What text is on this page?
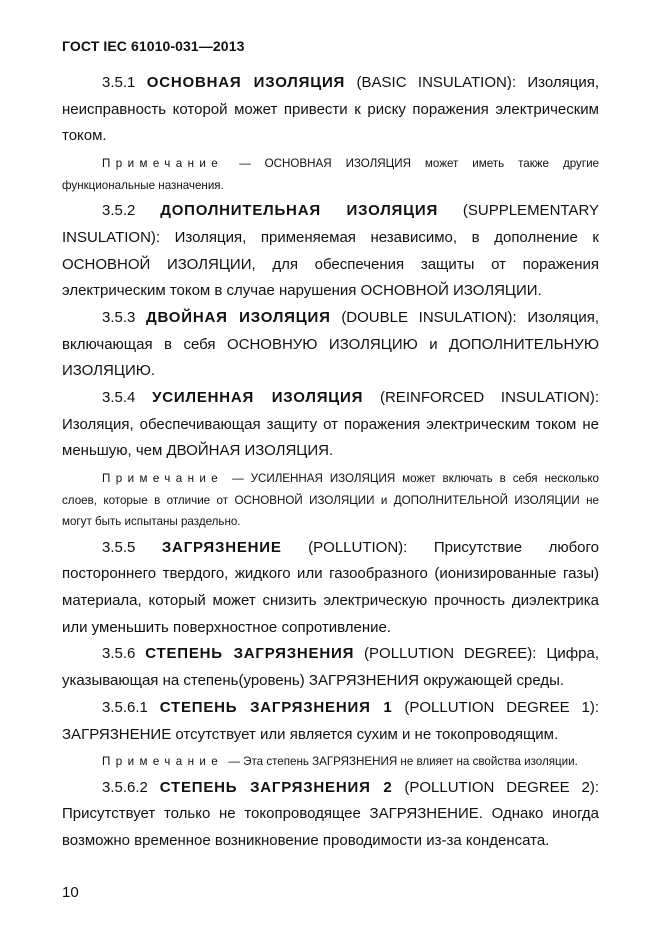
ГОСТ IEC 61010-031—2013

3.5.1 ОСНОВНАЯ ИЗОЛЯЦИЯ (BASIC INSULATION): Изоляция, неисправность которой может привести к риску поражения электрическим током.

Примечание — ОСНОВНАЯ ИЗОЛЯЦИЯ может иметь также другие функциональные назначения.

3.5.2 ДОПОЛНИТЕЛЬНАЯ ИЗОЛЯЦИЯ (SUPPLEMENTARY INSULATION): Изоляция, применяемая независимо, в дополнение к ОСНОВНОЙ ИЗОЛЯЦИИ, для обеспечения защиты от поражения электрическим током в случае нарушения ОСНОВНОЙ ИЗОЛЯЦИИ.

3.5.3 ДВОЙНАЯ ИЗОЛЯЦИЯ (DOUBLE INSULATION): Изоляция, включающая в себя ОСНОВНУЮ ИЗОЛЯЦИЮ и ДОПОЛНИТЕЛЬНУЮ ИЗОЛЯЦИЮ.

3.5.4 УСИЛЕННАЯ ИЗОЛЯЦИЯ (REINFORCED INSULATION): Изоляция, обеспечивающая защиту от поражения электрическим током не меньшую, чем ДВОЙНАЯ ИЗОЛЯЦИЯ.

Примечание — УСИЛЕННАЯ ИЗОЛЯЦИЯ может включать в себя несколько слоев, которые в отличие от ОСНОВНОЙ ИЗОЛЯЦИИ и ДОПОЛНИТЕЛЬНОЙ ИЗОЛЯЦИИ не могут быть испытаны раздельно.

3.5.5 ЗАГРЯЗНЕНИЕ (POLLUTION): Присутствие любого постороннего твердого, жидкого или газообразного (ионизированные газы) материала, который может снизить электрическую прочность диэлектрика или уменьшить поверхностное сопротивление.

3.5.6 СТЕПЕНЬ ЗАГРЯЗНЕНИЯ (POLLUTION DEGREE): Цифра, указывающая на степень(уровень) ЗАГРЯЗНЕНИЯ окружающей среды.

3.5.6.1 СТЕПЕНЬ ЗАГРЯЗНЕНИЯ 1 (POLLUTION DEGREE 1): ЗАГРЯЗНЕНИЕ отсутствует или является сухим и не токопроводящим.

Примечание — Эта степень ЗАГРЯЗНЕНИЯ не влияет на свойства изоляции.

3.5.6.2 СТЕПЕНЬ ЗАГРЯЗНЕНИЯ 2 (POLLUTION DEGREE 2): Присутствует только не токопроводящее ЗАГРЯЗНЕНИЕ. Однако иногда возможно временное возникновение проводимости из-за конденсата.

10
